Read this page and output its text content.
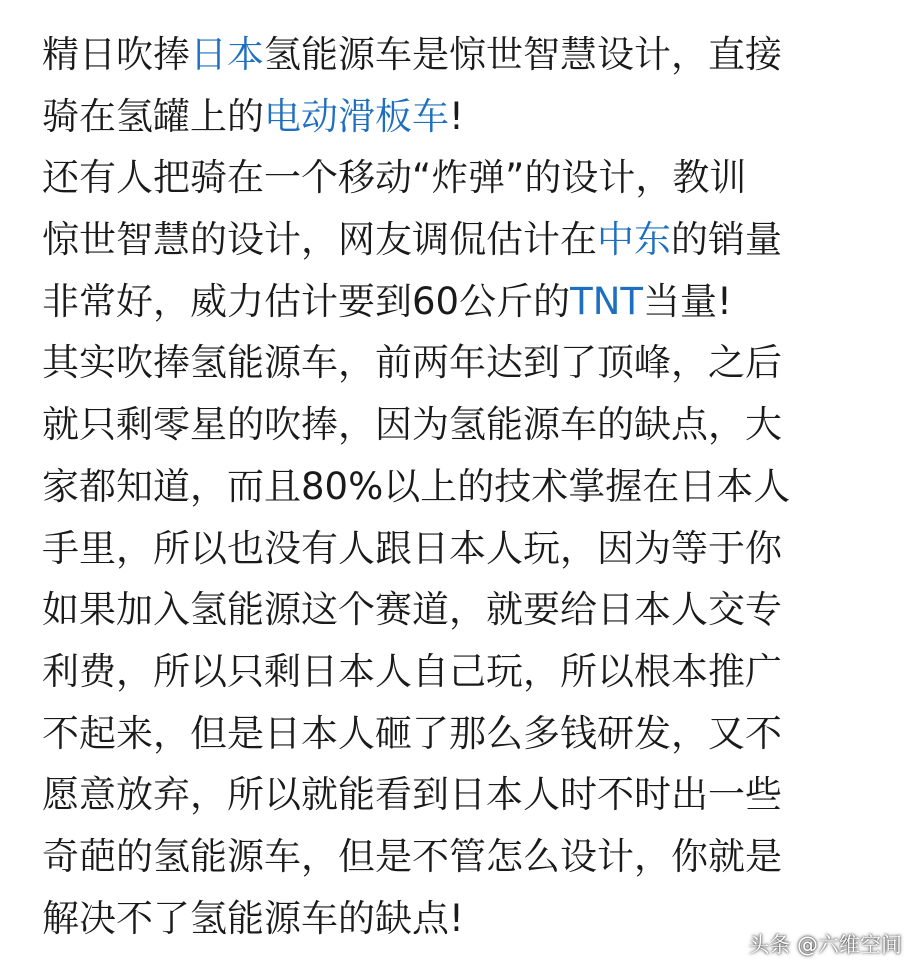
精日吹捧日本氢能源车是惊世智慧设计，直接
骑在氢罐上的电动滑板车!
还有人把骑在一个移动“炸弹”的设计，教训
惊世智慧的设计，网友调侃估计在中东的销量
非常好，威力估计要到60公斤的TNT当量!
其实吹捧氢能源车，前两年达到了顶峰，之后
就只剩零星的吹捧，因为氢能源车的缺点，大
家都知道，而且80%以上的技术掌握在日本人
手里，所以也没有人跟日本人玩，因为等于你
如果加入氢能源这个赛道，就要给日本人交专
利费，所以只剩日本人自己玩，所以根本推广
不起来，但是日本人砸了那么多钱研发，又不
愿意放弃，所以就能看到日本人时不时出一些
奇葩的氢能源车，但是不管怎么设计，你就是
解决不了氢能源车的缺点!
头条 @六维空间
